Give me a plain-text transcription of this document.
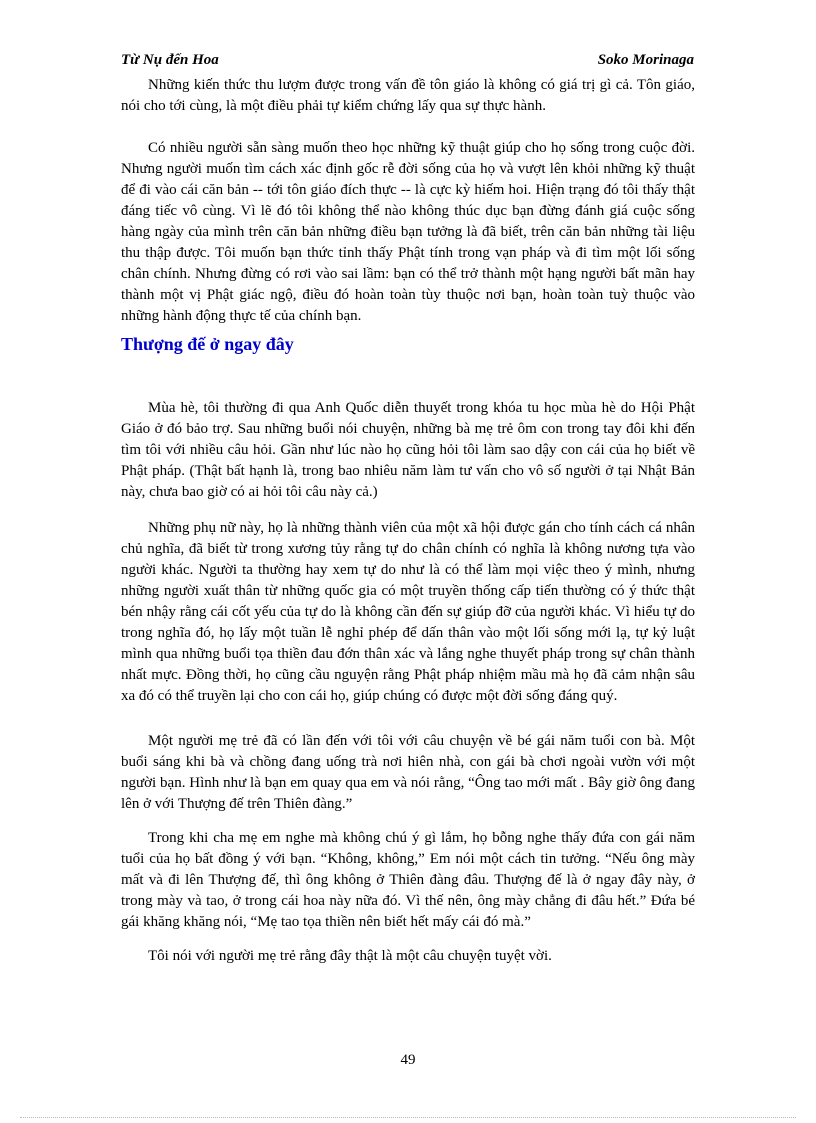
Từ Nụ đến Hoa	Soko Morinaga

Những kiến thức thu lượm được trong vấn đề tôn giáo là không có giá trị gì cả. Tôn giáo, nói cho tới cùng, là một điều phải tự kiểm chứng lấy qua sự thực hành.

Có nhiều người sẵn sàng muốn theo học những kỹ thuật giúp cho họ sống trong cuộc đời. Nhưng người muốn tìm cách xác định gốc rễ đời sống của họ và vượt lên khỏi những kỹ thuật để đi vào cái căn bản -- tới tôn giáo đích thực -- là cực kỳ hiếm hoi. Hiện trạng đó tôi thấy thật đáng tiếc vô cùng. Vì lẽ đó tôi không thể nào không thúc dục bạn đừng đánh giá cuộc sống hàng ngày của mình trên căn bản những điều bạn tưởng là đã biết, trên căn bản những tài liệu thu thập được. Tôi muốn bạn thức tỉnh thấy Phật tính trong vạn pháp và đi tìm một lối sống chân chính. Nhưng đừng có rơi vào sai lầm: bạn có thể trở thành một hạng người bất mãn hay thành một vị Phật giác ngộ, điều đó hoàn toàn tùy thuộc nơi bạn, hoàn toàn tuỳ thuộc vào những hành động thực tế của chính bạn.

Thượng đế ở ngay đây

Mùa hè, tôi thường đi qua Anh Quốc diễn thuyết trong khóa tu học mùa hè do Hội Phật Giáo ở đó bảo trợ. Sau những buổi nói chuyện, những bà mẹ trẻ ôm con trong tay đôi khi đến tìm tôi với nhiều câu hỏi. Gần như lúc nào họ cũng hỏi tôi làm sao dậy con cái của họ biết về Phật pháp. (Thật bất hạnh là, trong bao nhiêu năm làm tư vấn cho vô số người ở tại Nhật Bản này, chưa bao giờ có ai hỏi tôi câu này cả.)

Những phụ nữ này, họ là những thành viên của một xã hội được gán cho tính cách cá nhân chủ nghĩa, đã biết từ trong xương tủy rằng tự do chân chính có nghĩa là không nương tựa vào người khác. Người ta thường hay xem tự do như là có thể làm mọi việc theo ý mình, nhưng những người xuất thân từ những quốc gia có một truyền thống cấp tiến thường có ý thức thật bén nhậy rằng cái cốt yếu của tự do là không cần đến sự giúp đỡ của người khác. Vì hiểu tự do trong nghĩa đó, họ lấy một tuần lễ nghỉ phép để dấn thân vào một lối sống mới lạ, tự kỷ luật mình qua những buổi tọa thiền đau đớn thân xác và lắng nghe thuyết pháp trong sự chân thành nhất mực. Đồng thời, họ cũng cầu nguyện rằng Phật pháp nhiệm mầu mà họ đã cảm nhận sâu xa đó có thể truyền lại cho con cái họ, giúp chúng có được một đời sống đáng quý.

Một người mẹ trẻ đã có lần đến với tôi với câu chuyện về bé gái năm tuổi con bà. Một buổi sáng khi bà và chồng đang uống trà nơi hiên nhà, con gái bà chơi ngoài vườn với một người bạn. Hình như là bạn em quay qua em và nói rằng, “Ông tao mới mất . Bây giờ ông đang lên ở với Thượng đế trên Thiên đàng.”

Trong khi cha mẹ em nghe mà không chú ý gì lắm, họ bỗng nghe thấy đứa con gái năm tuổi của họ bất đồng ý với bạn. “Không, không,” Em nói một cách tin tưởng. “Nếu ông mày mất và đi lên Thượng đế, thì ông không ở Thiên đàng đâu. Thượng đế là ở ngay đây này, ở trong mày và tao, ở trong cái hoa này nữa đó. Vì thế nên, ông mày chẳng đi đâu hết.” Đứa bé gái khăng khăng nói, “Mẹ tao tọa thiền nên biết hết mấy cái đó mà.”

Tôi nói với người mẹ trẻ rằng đây thật là một câu chuyện tuyệt vời.

49
